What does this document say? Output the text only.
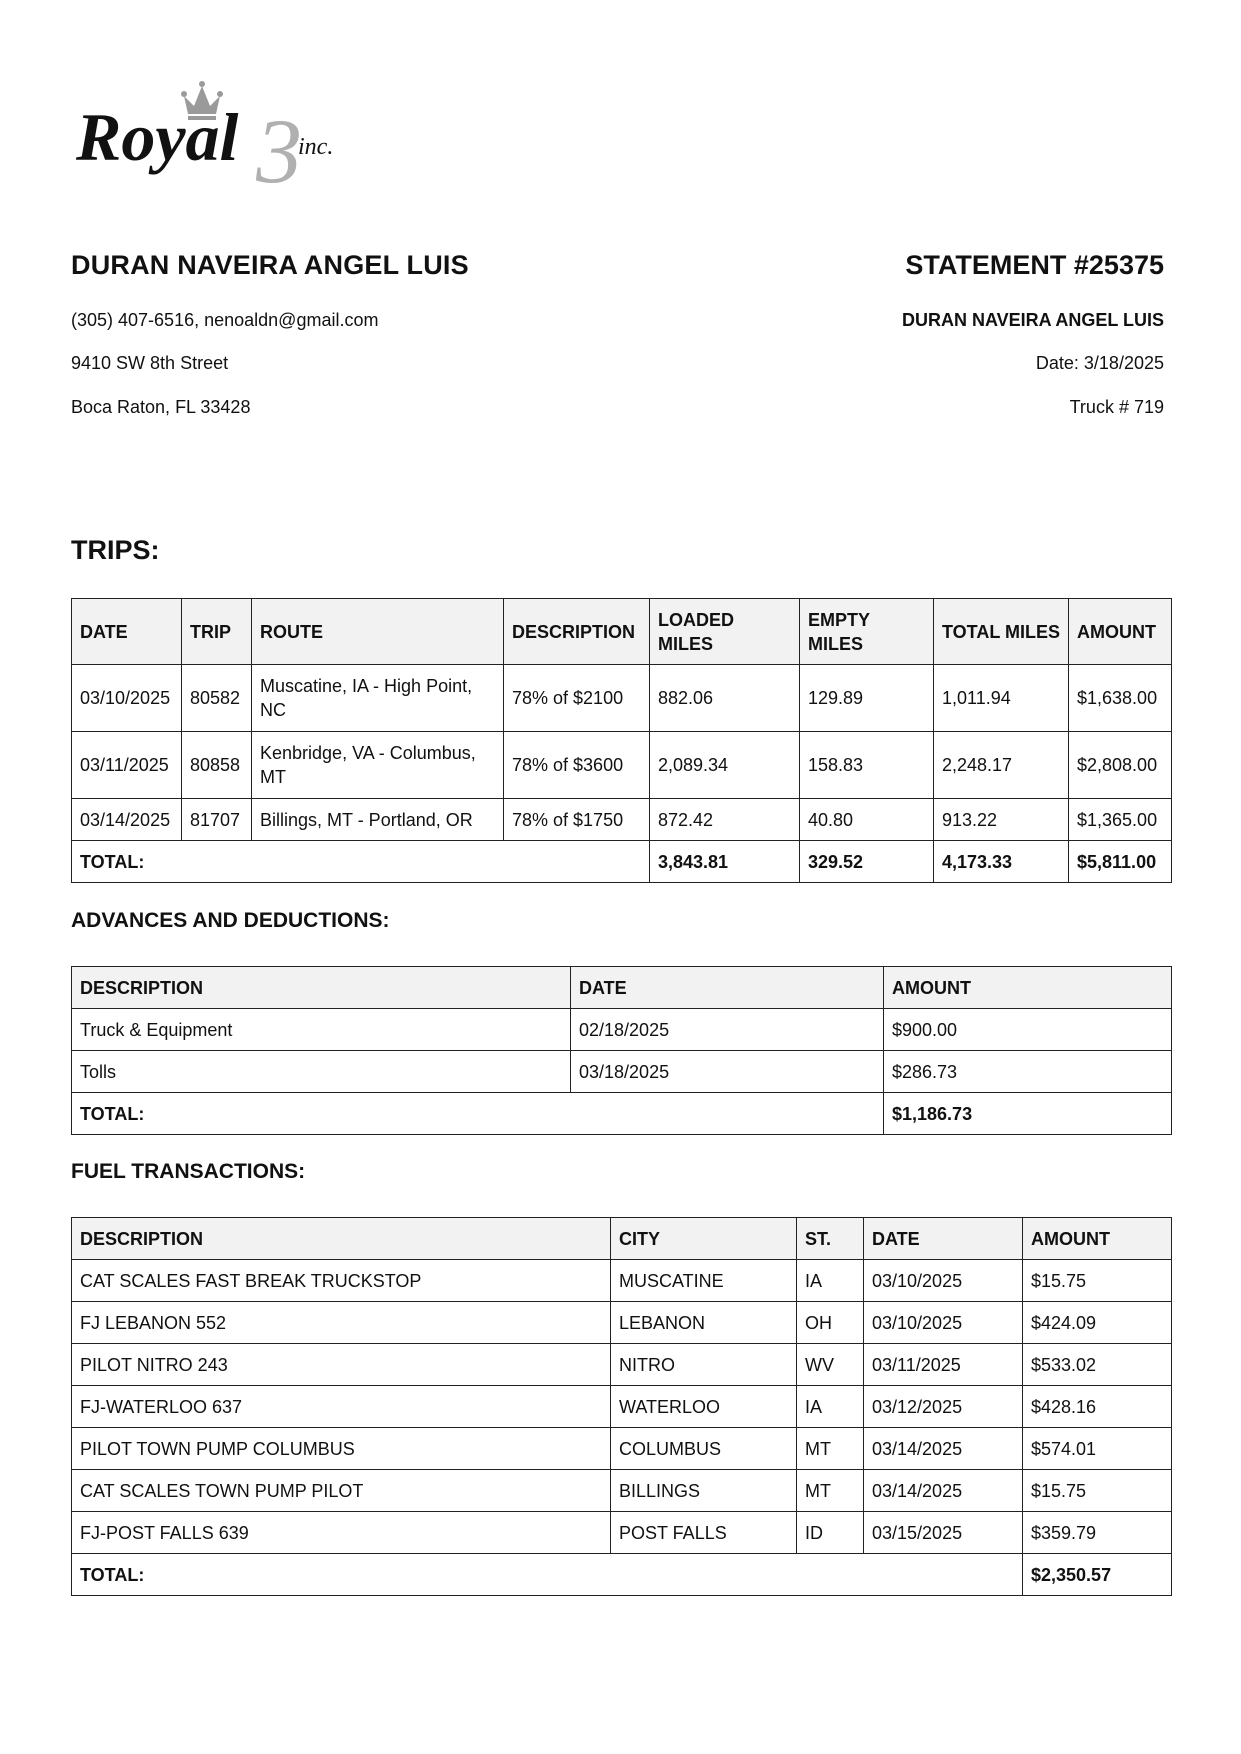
3
Royal inc.
DURAN NAVEIRA ANGEL LUIS	STATEMENT #25375
(305) 407-6516, nenoaldn@gmail.com
9410 SW 8th Street
Boca Raton, FL 33428
DURAN NAVEIRA ANGEL LUIS
Date: 3/18/2025
Truck # 719
TRIPS:
DATE	TRIP	ROUTE	DESCRIPTION	LOADED MILES	EMPTY MILES	TOTAL MILES	AMOUNT
03/10/2025	80582	Muscatine, IA - High Point, NC	78% of $2100	882.06	129.89	1,011.94	$1,638.00
03/11/2025	80858	Kenbridge, VA - Columbus, MT	78% of $3600	2,089.34	158.83	2,248.17	$2,808.00
03/14/2025	81707	Billings, MT - Portland, OR	78% of $1750	872.42	40.80	913.22	$1,365.00
TOTAL:				3,843.81	329.52	4,173.33	$5,811.00
ADVANCES AND DEDUCTIONS:
DESCRIPTION	DATE	AMOUNT
Truck & Equipment	02/18/2025	$900.00
Tolls	03/18/2025	$286.73
TOTAL:		$1,186.73
FUEL TRANSACTIONS:
DESCRIPTION	CITY	ST.	DATE	AMOUNT
CAT SCALES FAST BREAK TRUCKSTOP	MUSCATINE	IA	03/10/2025	$15.75
FJ LEBANON 552	LEBANON	OH	03/10/2025	$424.09
PILOT NITRO 243	NITRO	WV	03/11/2025	$533.02
FJ-WATERLOO 637	WATERLOO	IA	03/12/2025	$428.16
PILOT TOWN PUMP COLUMBUS	COLUMBUS	MT	03/14/2025	$574.01
CAT SCALES TOWN PUMP PILOT	BILLINGS	MT	03/14/2025	$15.75
FJ-POST FALLS 639	POST FALLS	ID	03/15/2025	$359.79
TOTAL:				$2,350.57
